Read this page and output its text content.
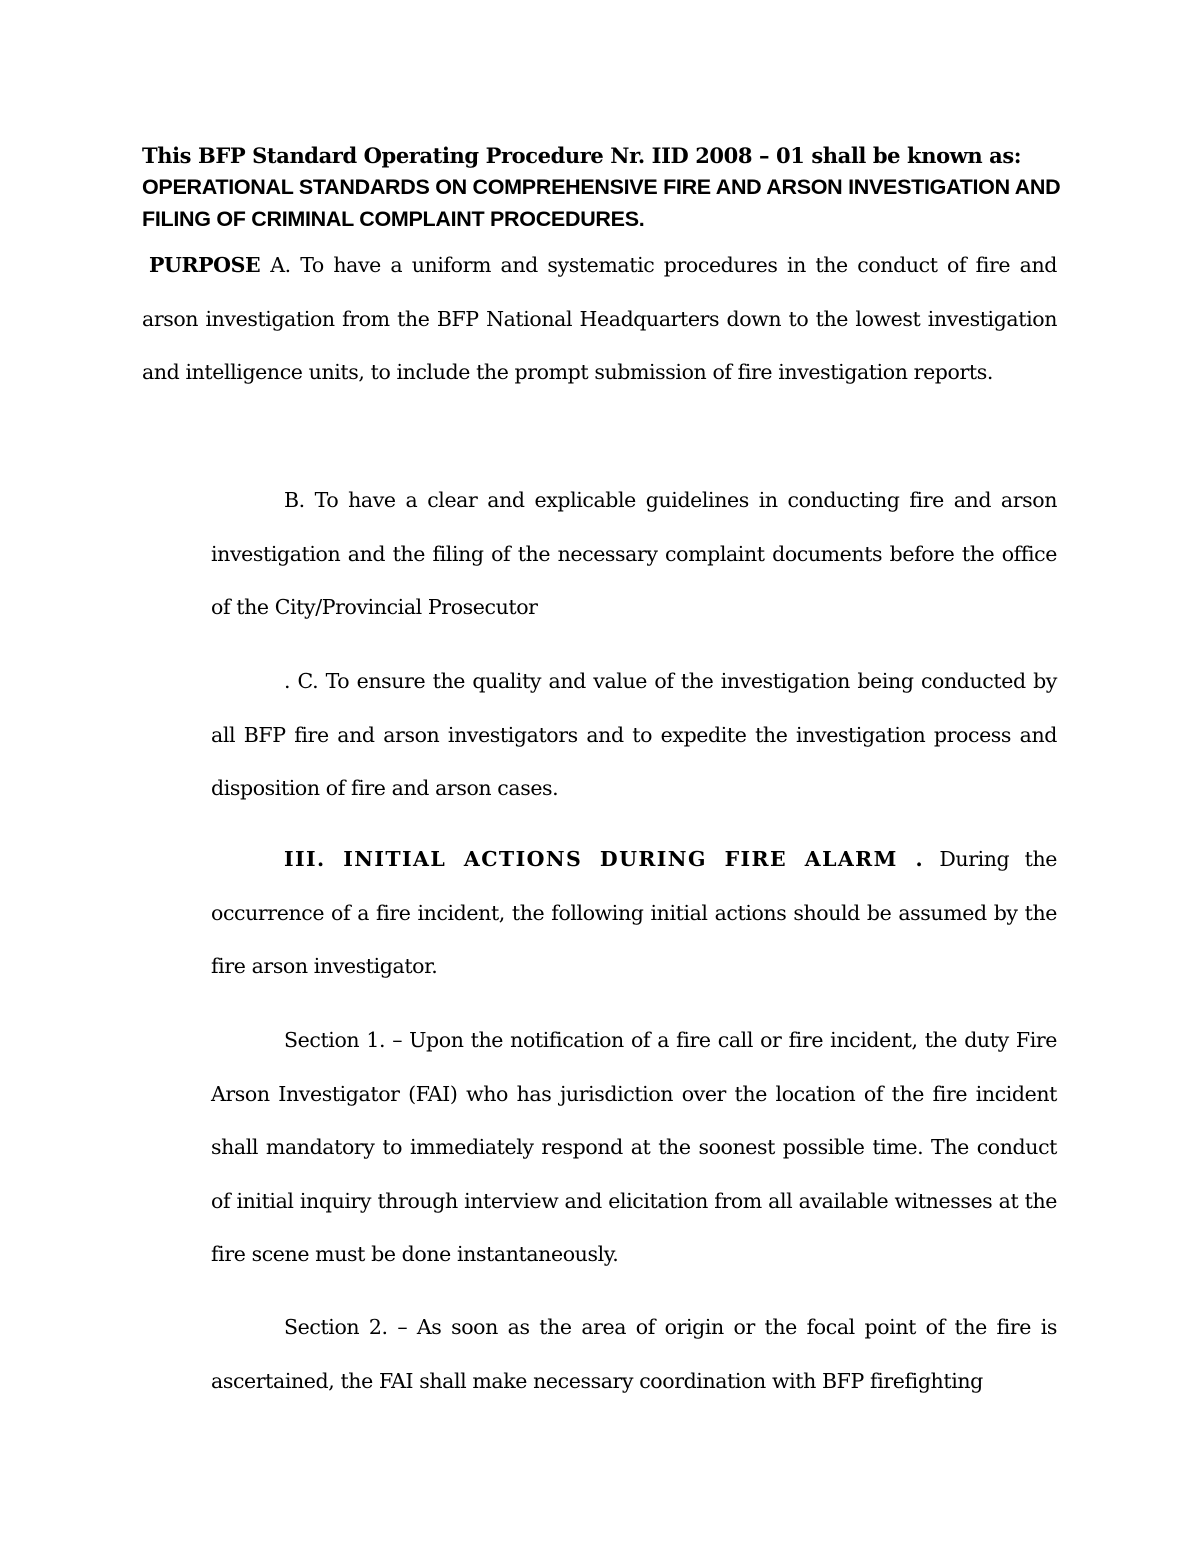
This BFP Standard Operating Procedure Nr. IID 2008 – 01 shall be known as: OPERATIONAL STANDARDS ON COMPREHENSIVE FIRE AND ARSON INVESTIGATION AND FILING OF CRIMINAL COMPLAINT PROCEDURES.
PURPOSE A. To have a uniform and systematic procedures in the conduct of fire and arson investigation from the BFP National Headquarters down to the lowest investigation and intelligence units, to include the prompt submission of fire investigation reports.
B. To have a clear and explicable guidelines in conducting fire and arson investigation and the filing of the necessary complaint documents before the office of the City/Provincial Prosecutor
. C. To ensure the quality and value of the investigation being conducted by all BFP fire and arson investigators and to expedite the investigation process and disposition of fire and arson cases.
III. INITIAL ACTIONS DURING FIRE ALARM . During the occurrence of a fire incident, the following initial actions should be assumed by the fire arson investigator.
Section 1. – Upon the notification of a fire call or fire incident, the duty Fire Arson Investigator (FAI) who has jurisdiction over the location of the fire incident shall mandatory to immediately respond at the soonest possible time. The conduct of initial inquiry through interview and elicitation from all available witnesses at the fire scene must be done instantaneously.
Section 2. – As soon as the area of origin or the focal point of the fire is ascertained, the FAI shall make necessary coordination with BFP firefighting
